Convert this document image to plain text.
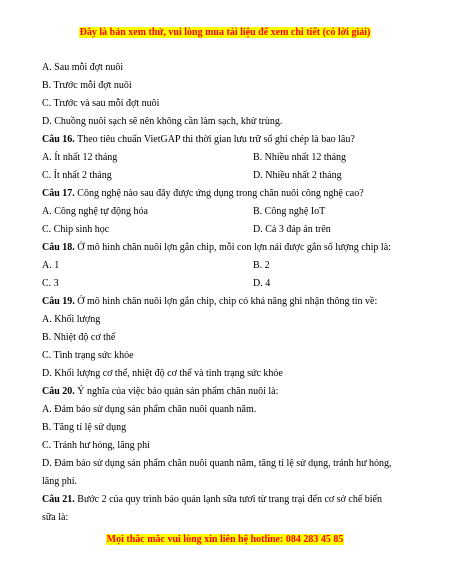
Đây là bản xem thử, vui lòng mua tài liệu để xem chi tiết (có lời giải)
A. Sau mỗi đợt nuôi
B. Trước mỗi đợt nuôi
C. Trước và sau mỗi đợt nuôi
D. Chuồng nuôi sạch sẽ nên không cần làm sạch, khử trùng.
Câu 16. Theo tiêu chuẩn VietGAP thì thời gian lưu trữ sổ ghi chép là bao lâu?
A. Ít nhất 12 tháng	B. Nhiều nhất 12 tháng
C. Ít nhất 2 tháng	D. Nhiều nhất 2 tháng
Câu 17. Công nghệ nào sau đây được ứng dụng trong chăn nuôi công nghệ cao?
A. Công nghệ tự động hóa	B. Công nghệ IoT
C. Chip sinh học	D. Cả 3 đáp án trên
Câu 18. Ở mô hình chăn nuôi lợn gắn chip, mỗi con lợn nái được gắn số lượng chip là:
A. 1	B. 2
C. 3	D. 4
Câu 19. Ở mô hình chăn nuôi lợn gắn chip, chip có khả năng ghi nhận thông tin về:
A. Khối lượng
B. Nhiệt độ cơ thể
C. Tình trạng sức khỏe
D. Khối lượng cơ thể, nhiệt độ cơ thể và tình trạng sức khỏe
Câu 20. Ý nghĩa của việc bảo quản sản phẩm chăn nuôi là:
A. Đảm bảo sử dụng sản phẩm chăn nuôi quanh năm.
B. Tăng tỉ lệ sử dụng
C. Tránh hư hỏng, lãng phí
D. Đảm bảo sử dụng sản phẩm chăn nuôi quanh năm, tăng tỉ lệ sử dụng, tránh hư hỏng,
lãng phí.
Câu 21. Bước 2 của quy trình bảo quản lạnh sữa tươi từ trang trại đến cơ sở chế biến
sữa là:
Mọi thắc mắc vui lòng xin liên hệ hotline: 084 283 45 85
